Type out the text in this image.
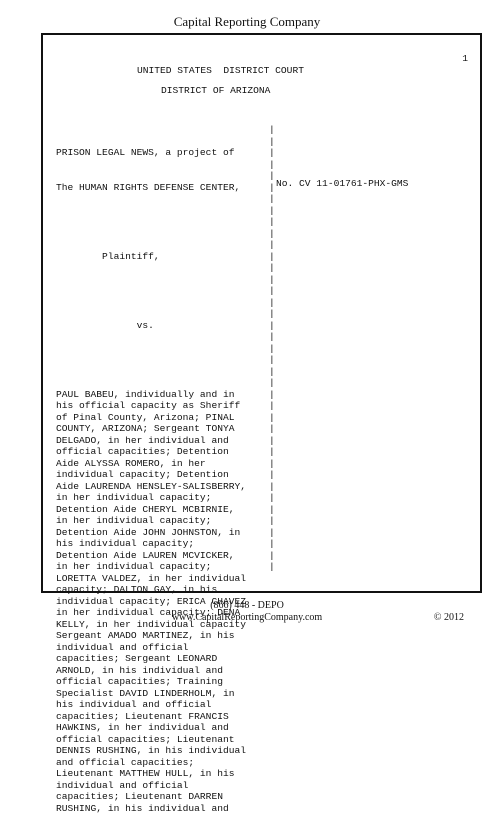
Capital Reporting Company
1
UNITED STATES  DISTRICT COURT
DISTRICT OF ARIZONA

PRISON LEGAL NEWS, a project of

The HUMAN RIGHTS DEFENSE CENTER,

Plaintiff,

vs.

PAUL BABEU, individually and in

his official capacity as Sheriff

of Pinal County, Arizona; PINAL

COUNTY, ARIZONA; Sergeant TONYA

DELGADO, in her individual and

official capacities; Detention

Aide ALYSSA ROMERO, in her

individual capacity; Detention

Aide LAURENDA HENSLEY-SALISBERRY,

in her individual capacity;

Detention Aide CHERYL MCBIRNIE,

in her individual capacity;

Detention Aide JOHN JOHNSTON, in

his individual capacity;

Detention Aide LAUREN MCVICKER,

in her individual capacity;

LORETTA VALDEZ, in her individual

capacity; DALTON GAY, in his

individual capacity; ERICA CHAVEZ

in her individual capacity; DENA

KELLY, in her individual capacity

Sergeant AMADO MARTINEZ, in his

individual and official

capacities; Sergeant LEONARD

ARNOLD, in his individual and

official capacities; Training

Specialist DAVID LINDERHOLM, in

his individual and official

capacities; Lieutenant FRANCIS

HAWKINS, in her individual and

official capacities; Lieutenant

DENNIS RUSHING, in his individual

and official capacities;

Lieutenant MATTHEW HULL, in his

individual and official

capacities; Lieutenant DARREN

RUSHING, in his individual and

|
|
|
|
|
|
|
|
|
|
|
|
|
|
|
|
|
|
|
|
|
|
|
|
|
|
|
|
|
|
|
|
|
|
|
|
|
|
|
No. CV 11-01761-PHX-GMS
(866) 448 - DEPO
www.CapitalReportingCompany.com	© 2012
